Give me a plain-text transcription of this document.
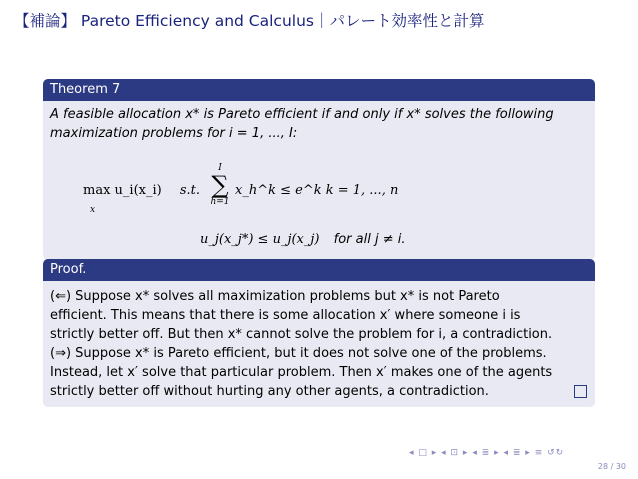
【補論】 Pareto Efficiency and Calculus｜パレート効率性と計算
Theorem 7
A feasible allocation x* is Pareto efficient if and only if x* solves the following
maximization problems for i = 1, ..., I:
max u_i(x_i) s.t.
x
I
∑
h=1
x_h^k ≤ e^k k = 1, ..., n
u_j(x_j*) ≤ u_j(x_j) for all j ≠ i.
Proof.
(⇐) Suppose x* solves all maximization problems but x* is not Pareto
efficient. This means that there is some allocation x′ where someone i is
strictly better off. But then x* cannot solve the problem for i, a contradiction.
(⇒) Suppose x* is Pareto efficient, but it does not solve one of the problems.
Instead, let x′ solve that particular problem. Then x′ makes one of the agents
strictly better off without hurting any other agents, a contradiction.
◂ □ ▸ ◂ ⊡ ▸ ◂ ≣ ▸ ◂ ≣ ▸ ≡ ↺↻
28 / 30
